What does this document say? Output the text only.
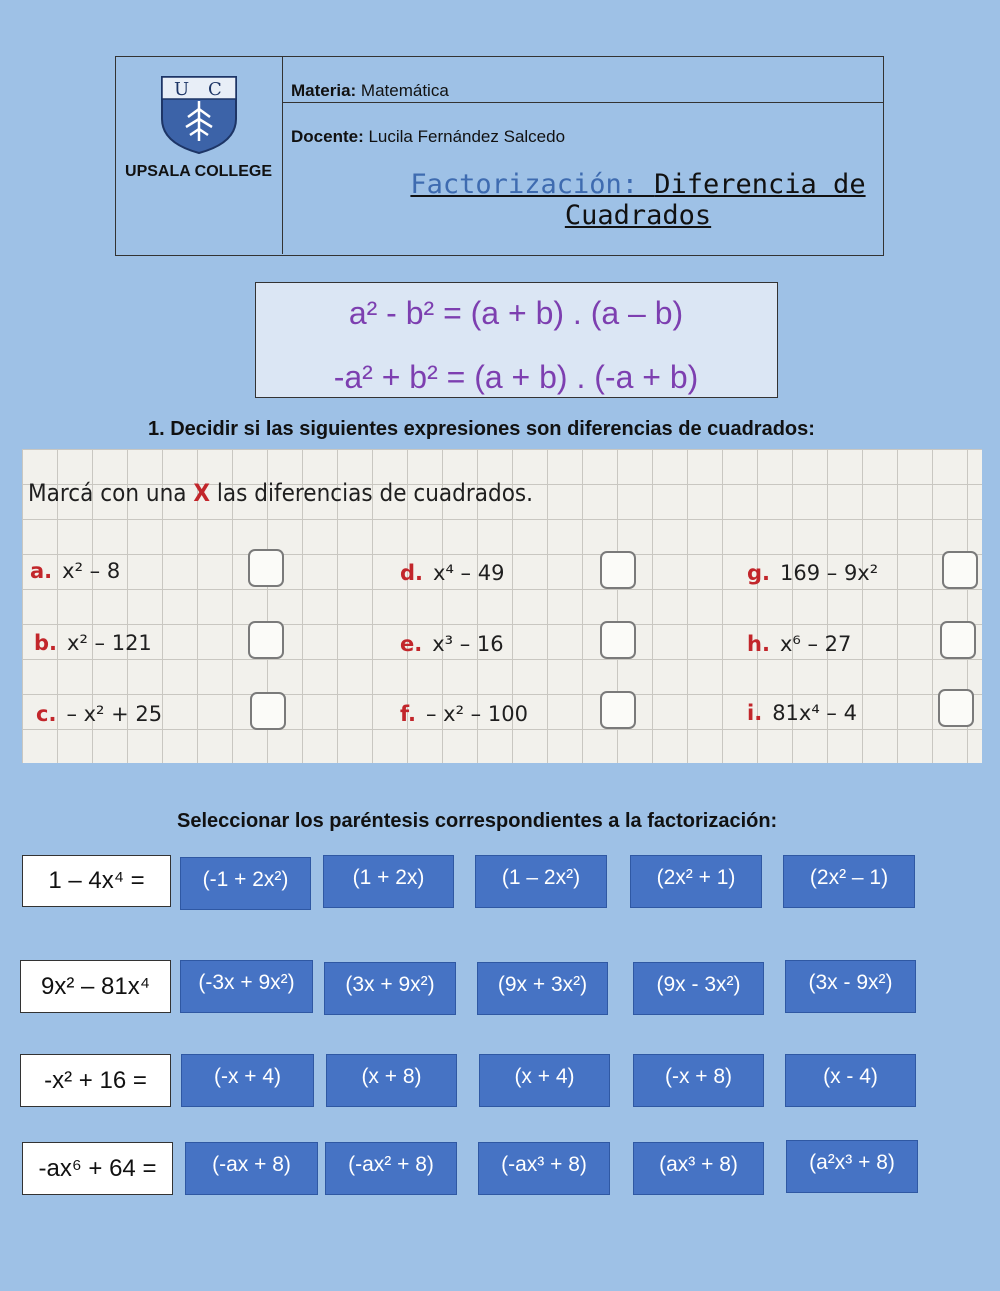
U C
UPSALA COLLEGE
Materia: Matemática
Docente: Lucila Fernández Salcedo
Factorización: Diferencia de Cuadrados
a² - b² = (a + b) . (a – b)
-a² + b² = (a + b) . (-a + b)
1. Decidir si las siguientes expresiones son diferencias de cuadrados:
Marcá con una X las diferencias de cuadrados.
a. x² – 8
b. x² – 121
c. – x² + 25
d. x⁴ – 49
e. x³ – 16
f. – x² – 100
g. 169 – 9x²
h. x⁶ – 27
i. 81x⁴ – 4
Seleccionar los paréntesis correspondientes a la factorización:
1 – 4x⁴ =	(-1 + 2x²)	(1 + 2x)	(1 – 2x²)	(2x² + 1)	(2x² – 1)
9x² – 81x⁴	(-3x + 9x²)	(3x + 9x²)	(9x + 3x²)	(9x - 3x²)	(3x - 9x²)
-x² + 16 =	(-x + 4)	(x + 8)	(x + 4)	(-x + 8)	(x - 4)
-ax⁶ + 64 =	(-ax + 8)	(-ax² + 8)	(-ax³ + 8)	(ax³ + 8)	(a²x³ + 8)
